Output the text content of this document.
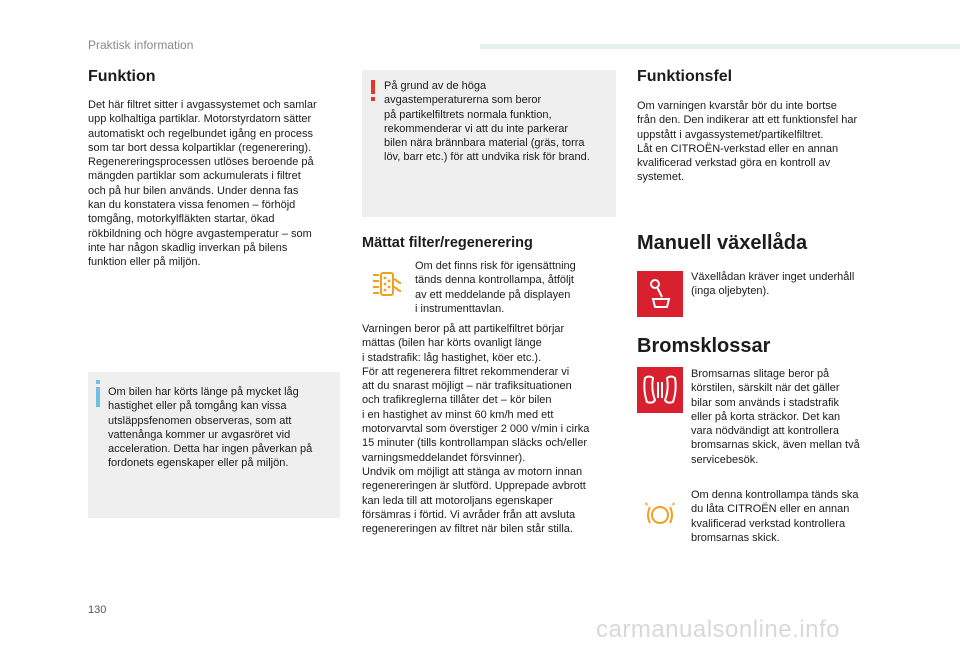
Praktisk information
Funktion
Det här filtret sitter i avgassystemet och samlar
upp kolhaltiga partiklar. Motorstyrdatorn sätter
automatiskt och regelbundet igång en process
som tar bort dessa kolpartiklar (regenerering).
Regenereringsprocessen utlöses beroende på
mängden partiklar som ackumulerats i filtret
och på hur bilen används. Under denna fas
kan du konstatera vissa fenomen – förhöjd
tomgång, motorkylfläkten startar, ökad
rökbildning och högre avgastemperatur – som
inte har någon skadlig inverkan på bilens
funktion eller på miljön.
Om bilen har körts länge på mycket låg
hastighet eller på tomgång kan vissa
utsläppsfenomen observeras, som att
vattenånga kommer ur avgasröret vid
acceleration. Detta har ingen påverkan på
fordonets egenskaper eller på miljön.
På grund av de höga
avgastemperaturerna som beror
på partikelfiltrets normala funktion,
rekommenderar vi att du inte parkerar
bilen nära brännbara material (gräs, torra
löv, barr etc.) för att undvika risk för brand.
Mättat filter/regenerering
Om det finns risk för igensättning
tänds denna kontrollampa, åtföljt
av ett meddelande på displayen
i instrumenttavlan.
Varningen beror på att partikelfiltret börjar
mättas (bilen har körts ovanligt länge
i stadstrafik: låg hastighet, köer etc.).
För att regenerera filtret rekommenderar vi
att du snarast möjligt – när trafiksituationen
och trafikreglerna tillåter det – kör bilen
i en hastighet av minst 60 km/h med ett
motorvarvtal som överstiger 2 000 v/min i cirka
15 minuter (tills kontrollampan släcks och/eller
varningsmeddelandet försvinner).
Undvik om möjligt att stänga av motorn innan
regenereringen är slutförd. Upprepade avbrott
kan leda till att motoroljans egenskaper
försämras i förtid. Vi avråder från att avsluta
regenereringen av filtret när bilen står stilla.
Funktionsfel
Om varningen kvarstår bör du inte bortse
från den. Den indikerar att ett funktionsfel har
uppstått i avgassystemet/partikelfiltret.
Låt en CITROËN-verkstad eller en annan
kvalificerad verkstad göra en kontroll av
systemet.
Manuell växellåda
Växellådan kräver inget underhåll
(inga oljebyten).
Bromsklossar
Bromsarnas slitage beror på
körstilen, särskilt när det gäller
bilar som används i stadstrafik
eller på korta sträckor. Det kan
vara nödvändigt att kontrollera
bromsarnas skick, även mellan två
servicebesök.
Om denna kontrollampa tänds ska
du låta CITROËN eller en annan
kvalificerad verkstad kontrollera
bromsarnas skick.
130
carmanualsonline.info
